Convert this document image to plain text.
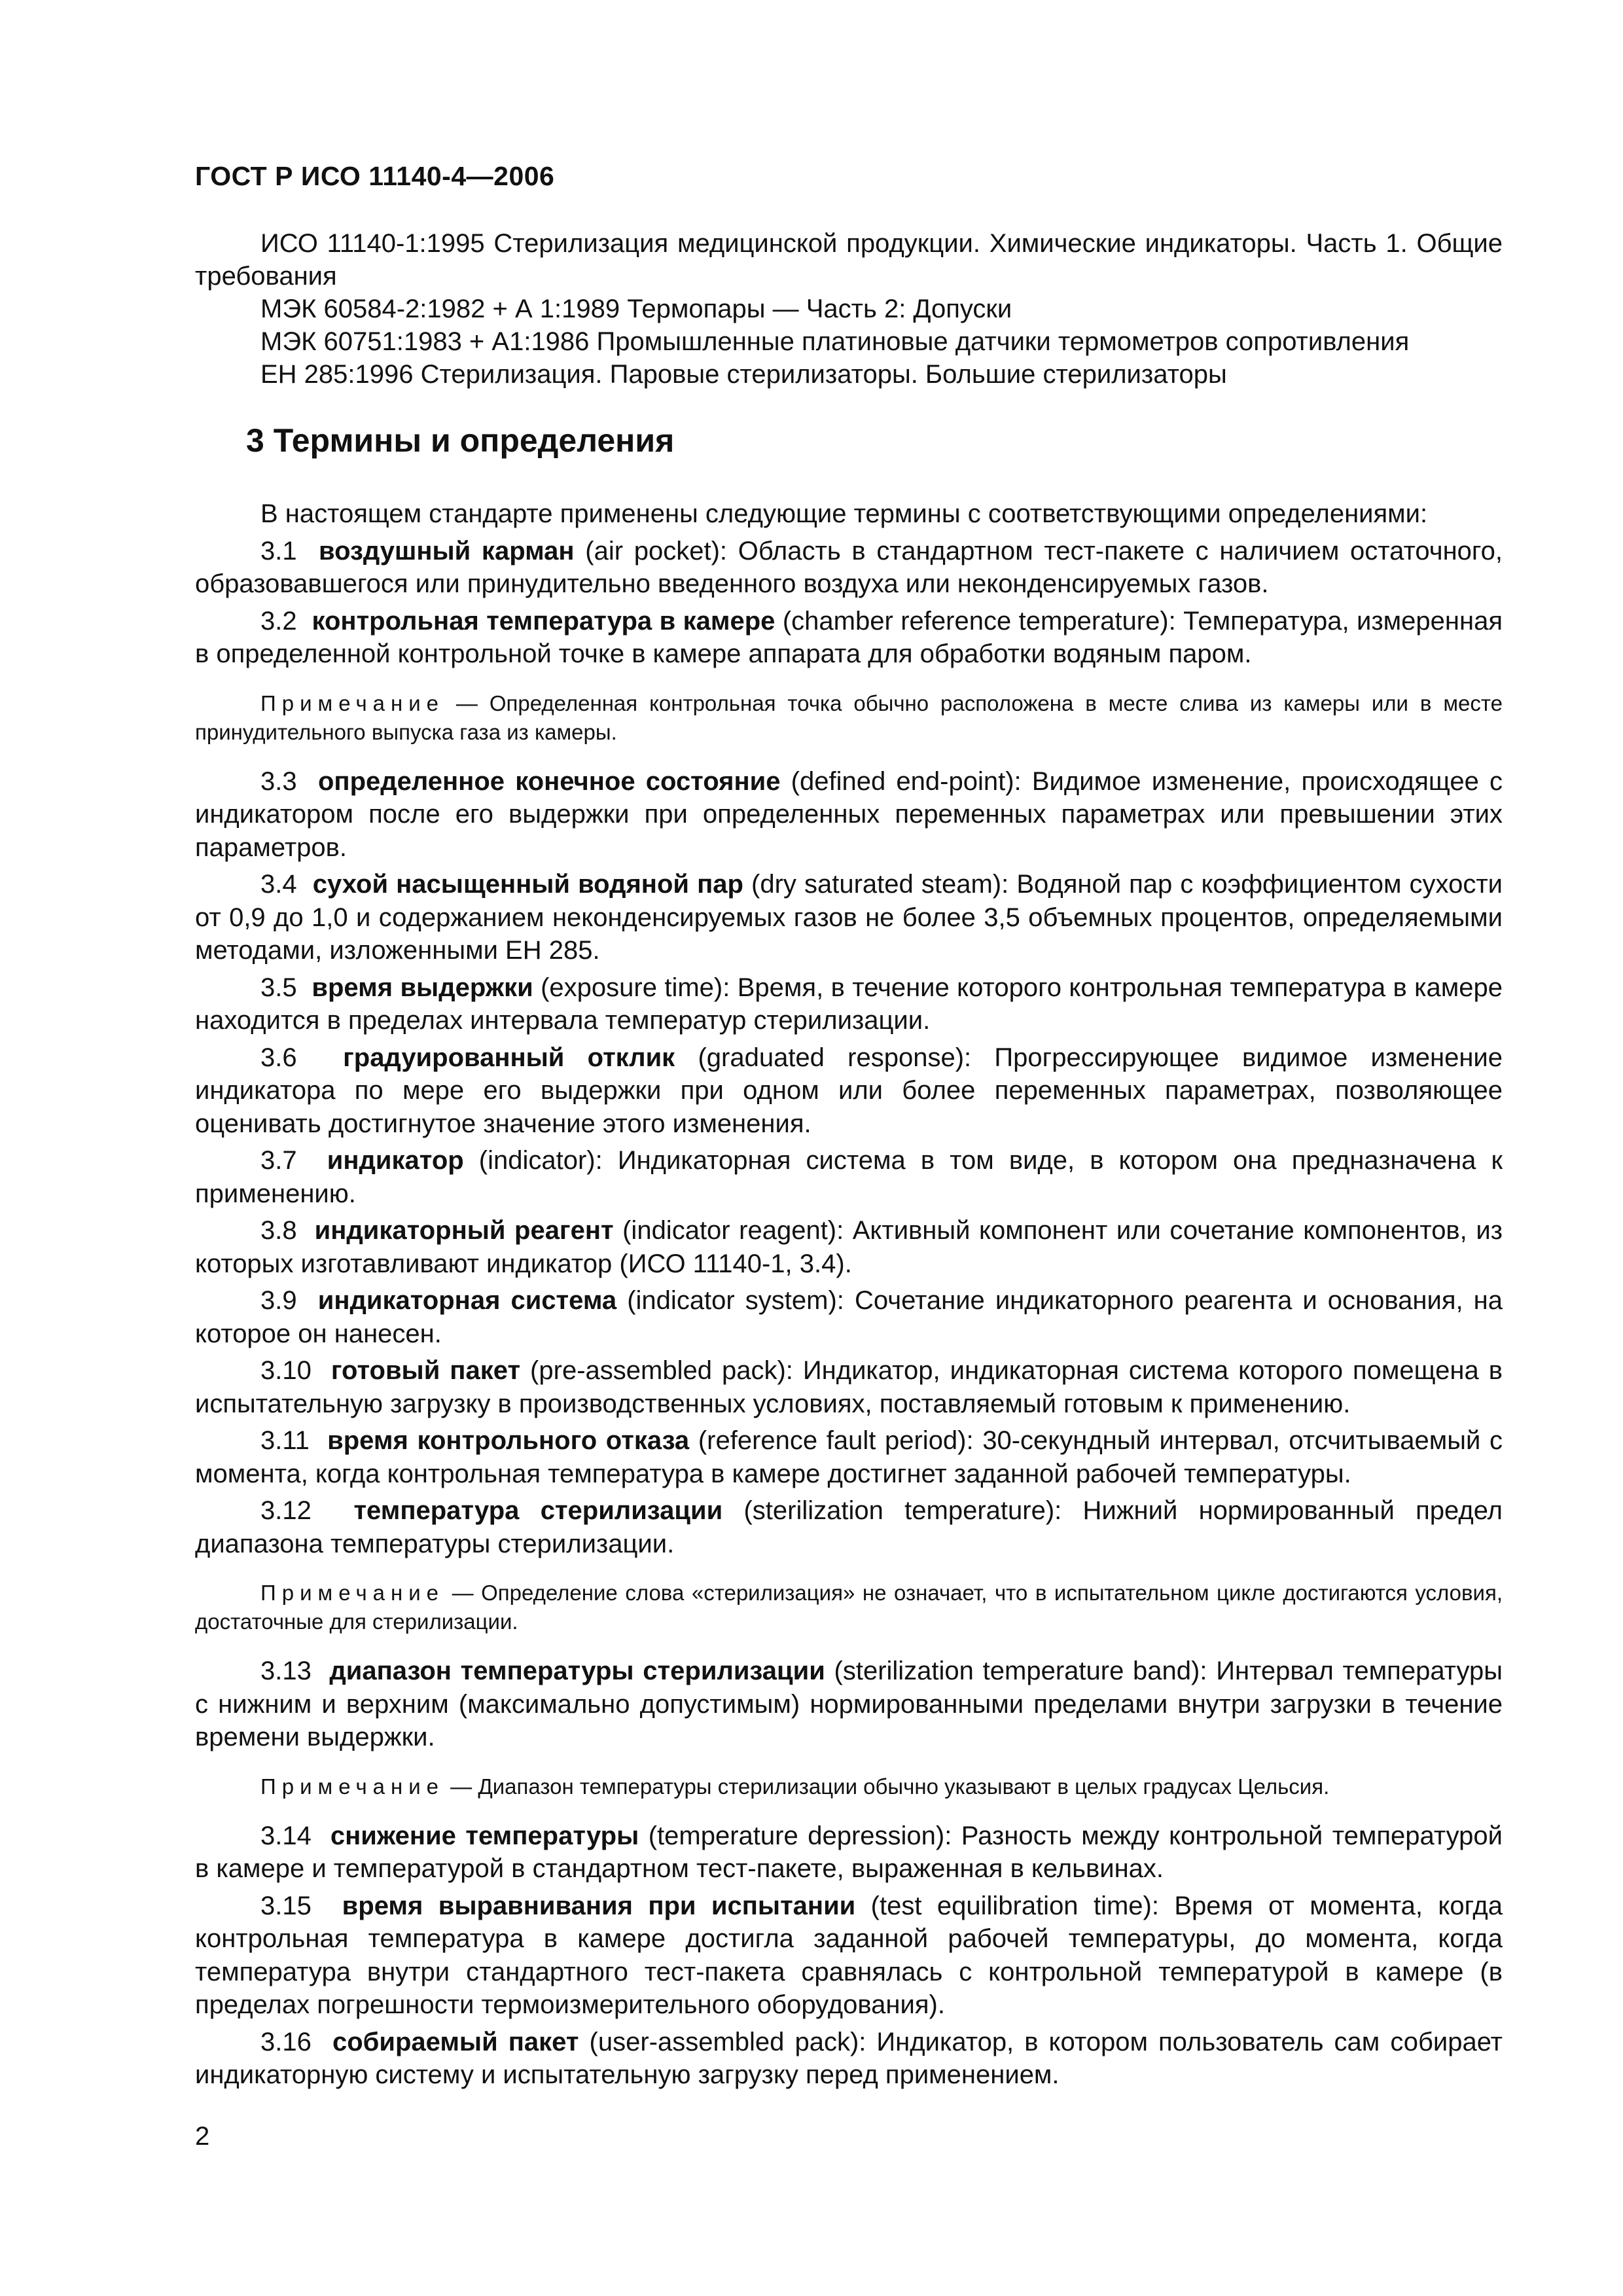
ГОСТ Р ИСО 11140-4—2006

ИСО 11140-1:1995 Стерилизация медицинской продукции. Химические индикаторы. Часть 1. Общие требования

МЭК 60584-2:1982 + А 1:1989 Термопары — Часть 2: Допуски

МЭК 60751:1983 + А1:1986 Промышленные платиновые датчики термометров сопротивления

ЕН 285:1996 Стерилизация. Паровые стерилизаторы. Большие стерилизаторы

3 Термины и определения

В настоящем стандарте применены следующие термины с соответствующими определениями:

3.1 воздушный карман (air pocket): Область в стандартном тест-пакете с наличием остаточного, образовавшегося или принудительно введенного воздуха или неконденсируемых газов.

3.2 контрольная температура в камере (chamber reference temperature): Температура, измеренная в определенной контрольной точке в камере аппарата для обработки водяным паром.

Примечание — Определенная контрольная точка обычно расположена в месте слива из камеры или в месте принудительного выпуска газа из камеры.

3.3 определенное конечное состояние (defined end-point): Видимое изменение, происходящее с индикатором после его выдержки при определенных переменных параметрах или превышении этих параметров.

3.4 сухой насыщенный водяной пар (dry saturated steam): Водяной пар с коэффициентом сухости от 0,9 до 1,0 и содержанием неконденсируемых газов не более 3,5 объемных процентов, определяемыми методами, изложенными ЕН 285.

3.5 время выдержки (exposure time): Время, в течение которого контрольная температура в камере находится в пределах интервала температур стерилизации.

3.6 градуированный отклик (graduated response): Прогрессирующее видимое изменение индикатора по мере его выдержки при одном или более переменных параметрах, позволяющее оценивать достигнутое значение этого изменения.

3.7 индикатор (indicator): Индикаторная система в том виде, в котором она предназначена к применению.

3.8 индикаторный реагент (indicator reagent): Активный компонент или сочетание компонентов, из которых изготавливают индикатор (ИСО 11140-1, 3.4).

3.9 индикаторная система (indicator system): Сочетание индикаторного реагента и основания, на которое он нанесен.

3.10 готовый пакет (pre-assembled pack): Индикатор, индикаторная система которого помещена в испытательную загрузку в производственных условиях, поставляемый готовым к применению.

3.11 время контрольного отказа (reference fault period): 30-секундный интервал, отсчитываемый с момента, когда контрольная температура в камере достигнет заданной рабочей температуры.

3.12 температура стерилизации (sterilization temperature): Нижний нормированный предел диапазона температуры стерилизации.

Примечание — Определение слова «стерилизация» не означает, что в испытательном цикле достигаются условия, достаточные для стерилизации.

3.13 диапазон температуры стерилизации (sterilization temperature band): Интервал температуры с нижним и верхним (максимально допустимым) нормированными пределами внутри загрузки в течение времени выдержки.

Примечание — Диапазон температуры стерилизации обычно указывают в целых градусах Цельсия.

3.14 снижение температуры (temperature depression): Разность между контрольной температурой в камере и температурой в стандартном тест-пакете, выраженная в кельвинах.

3.15 время выравнивания при испытании (test equilibration time): Время от момента, когда контрольная температура в камере достигла заданной рабочей температуры, до момента, когда температура внутри стандартного тест-пакета сравнялась с контрольной температурой в камере (в пределах погрешности термоизмерительного оборудования).

3.16 собираемый пакет (user-assembled pack): Индикатор, в котором пользователь сам собирает индикаторную систему и испытательную загрузку перед применением.

2
